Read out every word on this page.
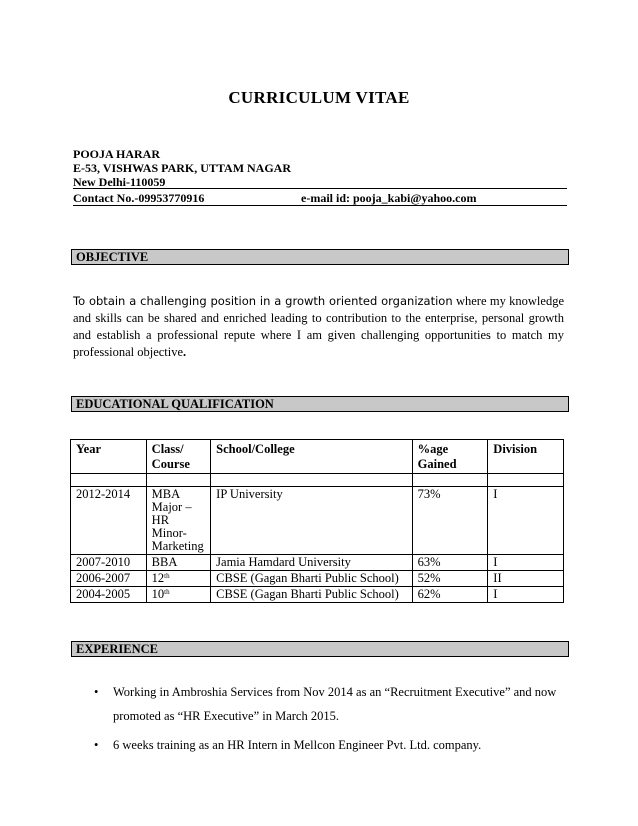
CURRICULUM VITAE
POOJA HARAR
E-53, VISHWAS PARK, UTTAM NAGAR
New Delhi-110059
Contact No.-09953770916	e-mail id: pooja_kabi@yahoo.com
OBJECTIVE
To obtain a challenging position in a growth oriented organization where my knowledge and skills can be shared and enriched leading to contribution to the enterprise, personal growth and establish a professional repute where I am given challenging opportunities to match my professional objective.
EDUCATIONAL QUALIFICATION
Year	Class/ Course	School/College	%age Gained	Division

2012-2014	MBA Major – HR Minor- Marketing	IP University	73%	I
2007-2010	BBA	Jamia Hamdard University	63%	I
2006-2007	12th	CBSE (Gagan Bharti Public School)	52%	II
2004-2005	10th	CBSE (Gagan Bharti Public School)	62%	I
EXPERIENCE
• Working in Ambroshia Services from Nov 2014 as an “Recruitment Executive” and now promoted as “HR Executive” in March 2015.
• 6 weeks training as an HR Intern in Mellcon Engineer Pvt. Ltd. company.
